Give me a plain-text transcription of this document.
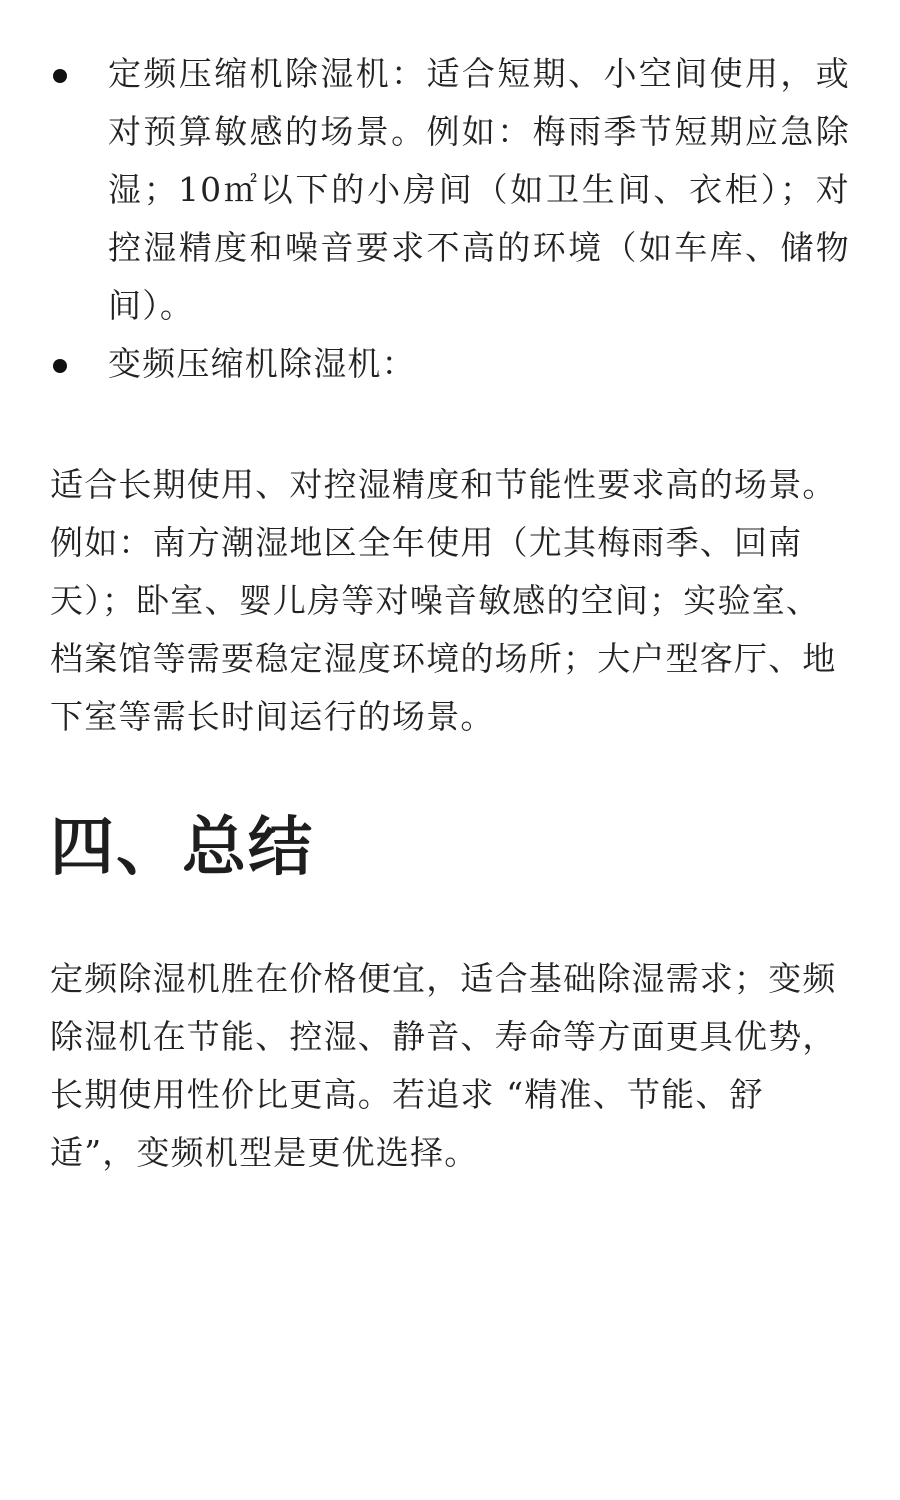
定频压缩机除湿机：适合短期、小空间使用，或对预算敏感的场景。例如：梅雨季节短期应急除湿；10㎡以下的小房间（如卫生间、衣柜）；对控湿精度和噪音要求不高的环境（如车库、储物间）。
变频压缩机除湿机：

适合长期使用、对控湿精度和节能性要求高的场景。例如：南方潮湿地区全年使用（尤其梅雨季、回南天）；卧室、婴儿房等对噪音敏感的空间；实验室、档案馆等需要稳定湿度环境的场所；大户型客厅、地下室等需长时间运行的场景。

四、总结

定频除湿机胜在价格便宜，适合基础除湿需求；变频除湿机在节能、控湿、静音、寿命等方面更具优势，长期使用性价比更高。若追求 “精准、节能、舒适”，变频机型是更优选择。
